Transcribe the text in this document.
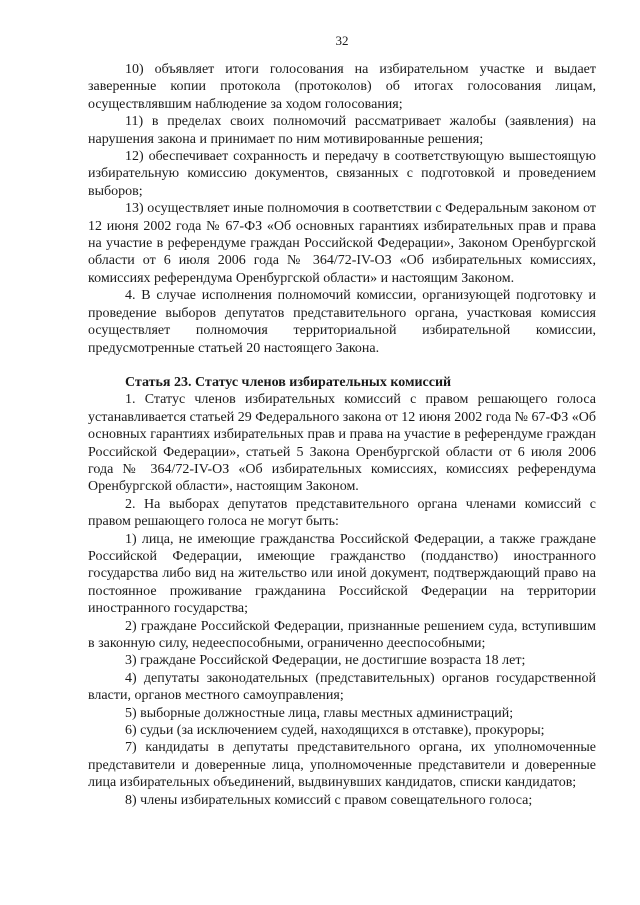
32

10) объявляет итоги голосования на избирательном участке и выдает заверенные копии протокола (протоколов) об итогах голосования лицам, осуществлявшим наблюдение за ходом голосования;

11) в пределах своих полномочий рассматривает жалобы (заявления) на нарушения закона и принимает по ним мотивированные решения;

12) обеспечивает сохранность и передачу в соответствующую вышестоящую избирательную комиссию документов, связанных с подготовкой и проведением выборов;

13) осуществляет иные полномочия в соответствии с Федеральным законом от 12 июня 2002 года № 67-ФЗ «Об основных гарантиях избирательных прав и права на участие в референдуме граждан Российской Федерации», Законом Оренбургской области от 6 июля 2006 года № 364/72-IV-ОЗ «Об избирательных комиссиях, комиссиях референдума Оренбургской области» и настоящим Законом.

4. В случае исполнения полномочий комиссии, организующей подготовку и проведение выборов депутатов представительного органа, участковая комиссия осуществляет полномочия территориальной избирательной комиссии, предусмотренные статьей 20 настоящего Закона.

Статья 23. Статус членов избирательных комиссий

1. Статус членов избирательных комиссий с правом решающего голоса устанавливается статьей 29 Федерального закона от 12 июня 2002 года № 67-ФЗ «Об основных гарантиях избирательных прав и права на участие в референдуме граждан Российской Федерации», статьей 5 Закона Оренбургской области от 6 июля 2006 года № 364/72-IV-ОЗ «Об избирательных комиссиях, комиссиях референдума Оренбургской области», настоящим Законом.

2. На выборах депутатов представительного органа членами комиссий с правом решающего голоса не могут быть:

1) лица, не имеющие гражданства Российской Федерации, а также граждане Российской Федерации, имеющие гражданство (подданство) иностранного государства либо вид на жительство или иной документ, подтверждающий право на постоянное проживание гражданина Российской Федерации на территории иностранного государства;

2) граждане Российской Федерации, признанные решением суда, вступившим в законную силу, недееспособными, ограниченно дееспособными;

3) граждане Российской Федерации, не достигшие возраста 18 лет;

4) депутаты законодательных (представительных) органов государственной власти, органов местного самоуправления;

5) выборные должностные лица, главы местных администраций;

6) судьи (за исключением судей, находящихся в отставке), прокуроры;

7) кандидаты в депутаты представительного органа, их уполномоченные представители и доверенные лица, уполномоченные представители и доверенные лица избирательных объединений, выдвинувших кандидатов, списки кандидатов;

8) члены избирательных комиссий с правом совещательного голоса;
